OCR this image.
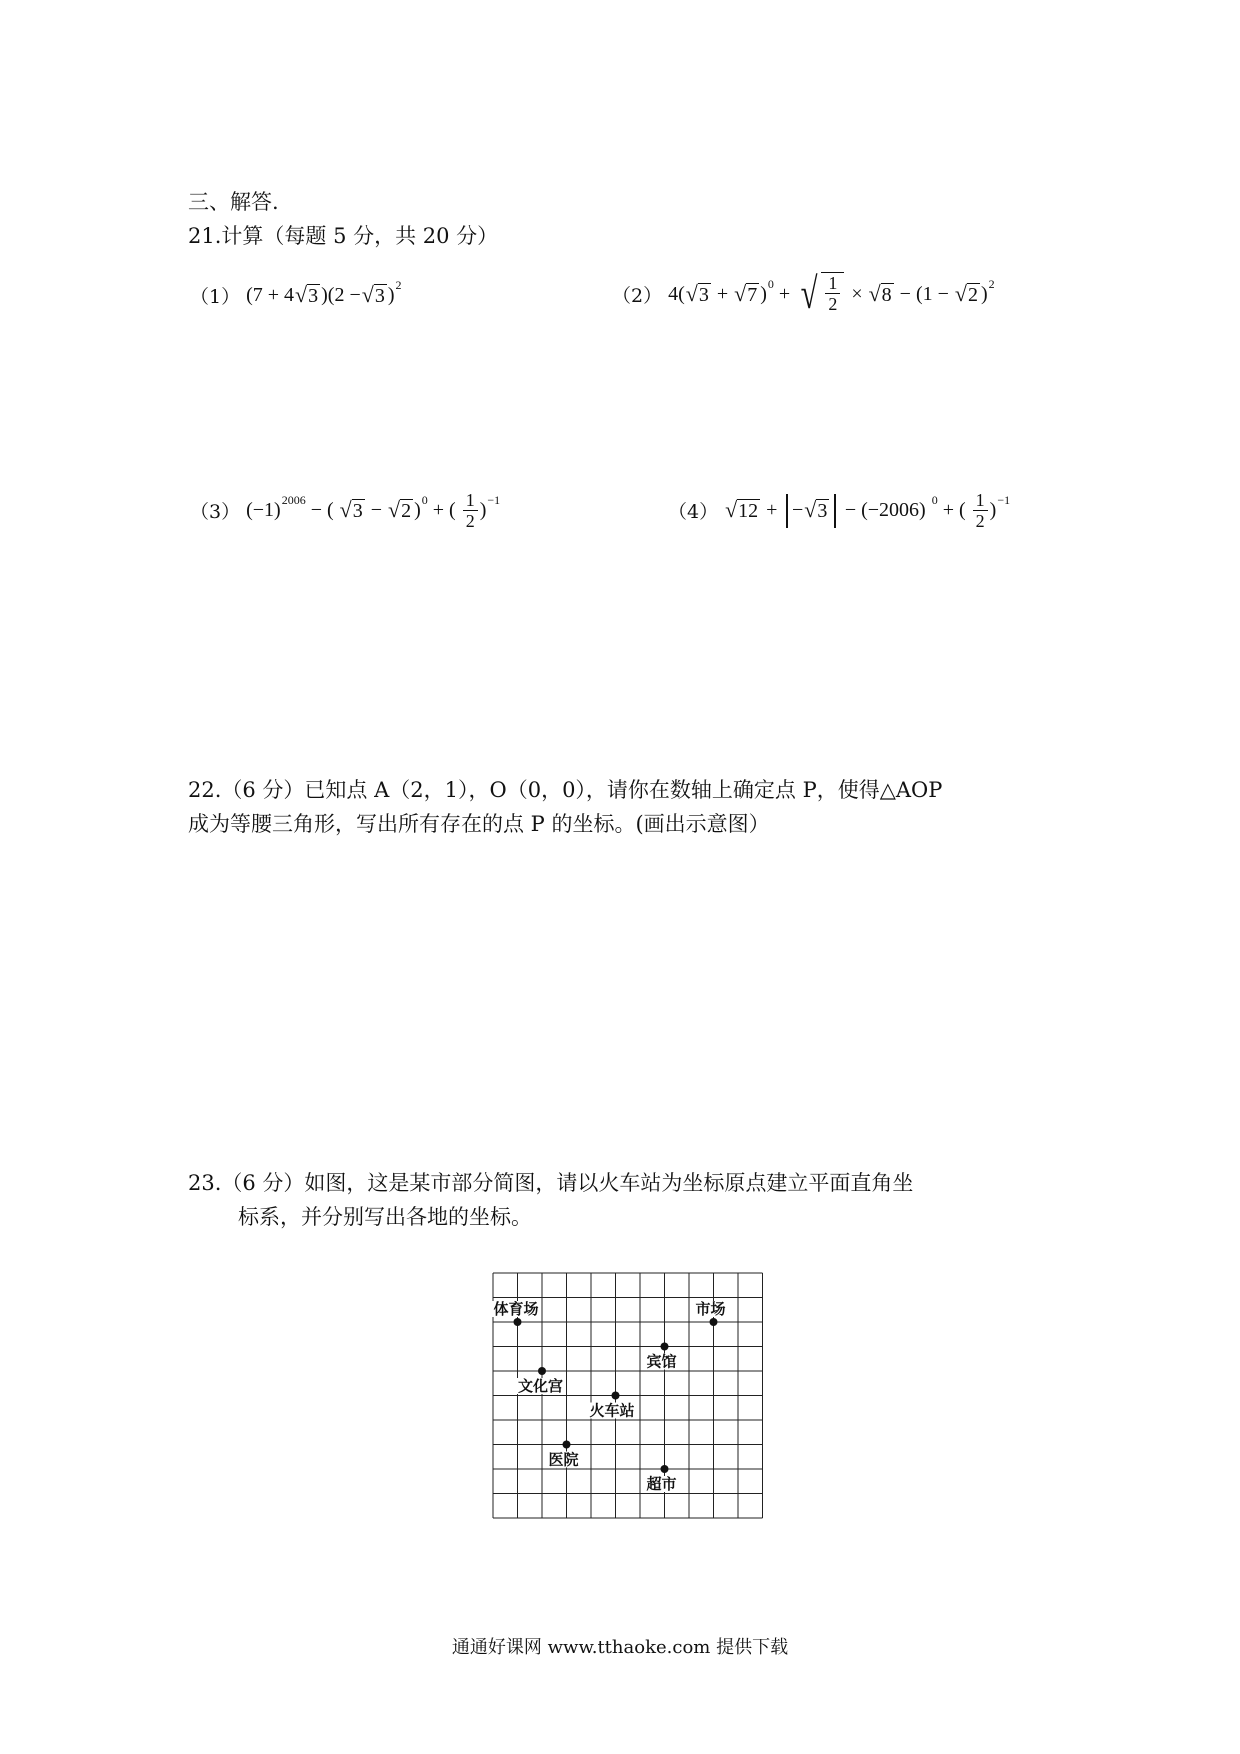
三、解答.
21.计算（每题 5 分，共 20 分）
（1） (7 + 4 √ 3 )(2 − √ 3 ) 2	（2） 4( √ 3 + √ 7 ) 0 + √ $\frac{1}{2}$ × √ 8 − (1 − √ 2 ) 2
（3） (−1) 2006 − ( √ 3 − √ 2 ) 0 + ( $\frac{1}{2}$ ) −1
（4） √ 12 + − √ 3 − (−2006) 0 + ( $\frac{1}{2}$ ) −1
22.（6 分）已知点 A（2，1），O（0，0），请你在数轴上确定点 P，使得△AOP
成为等腰三角形，写出所有存在的点 P 的坐标。(画出示意图）
23.（6 分）如图，这是某市部分简图，请以火车站为坐标原点建立平面直角坐
标系，并分别写出各地的坐标。
体育场	市场
宾馆
文化宫
火车站
医院
超市
通通好课网 www.tthaoke.com 提供下载
